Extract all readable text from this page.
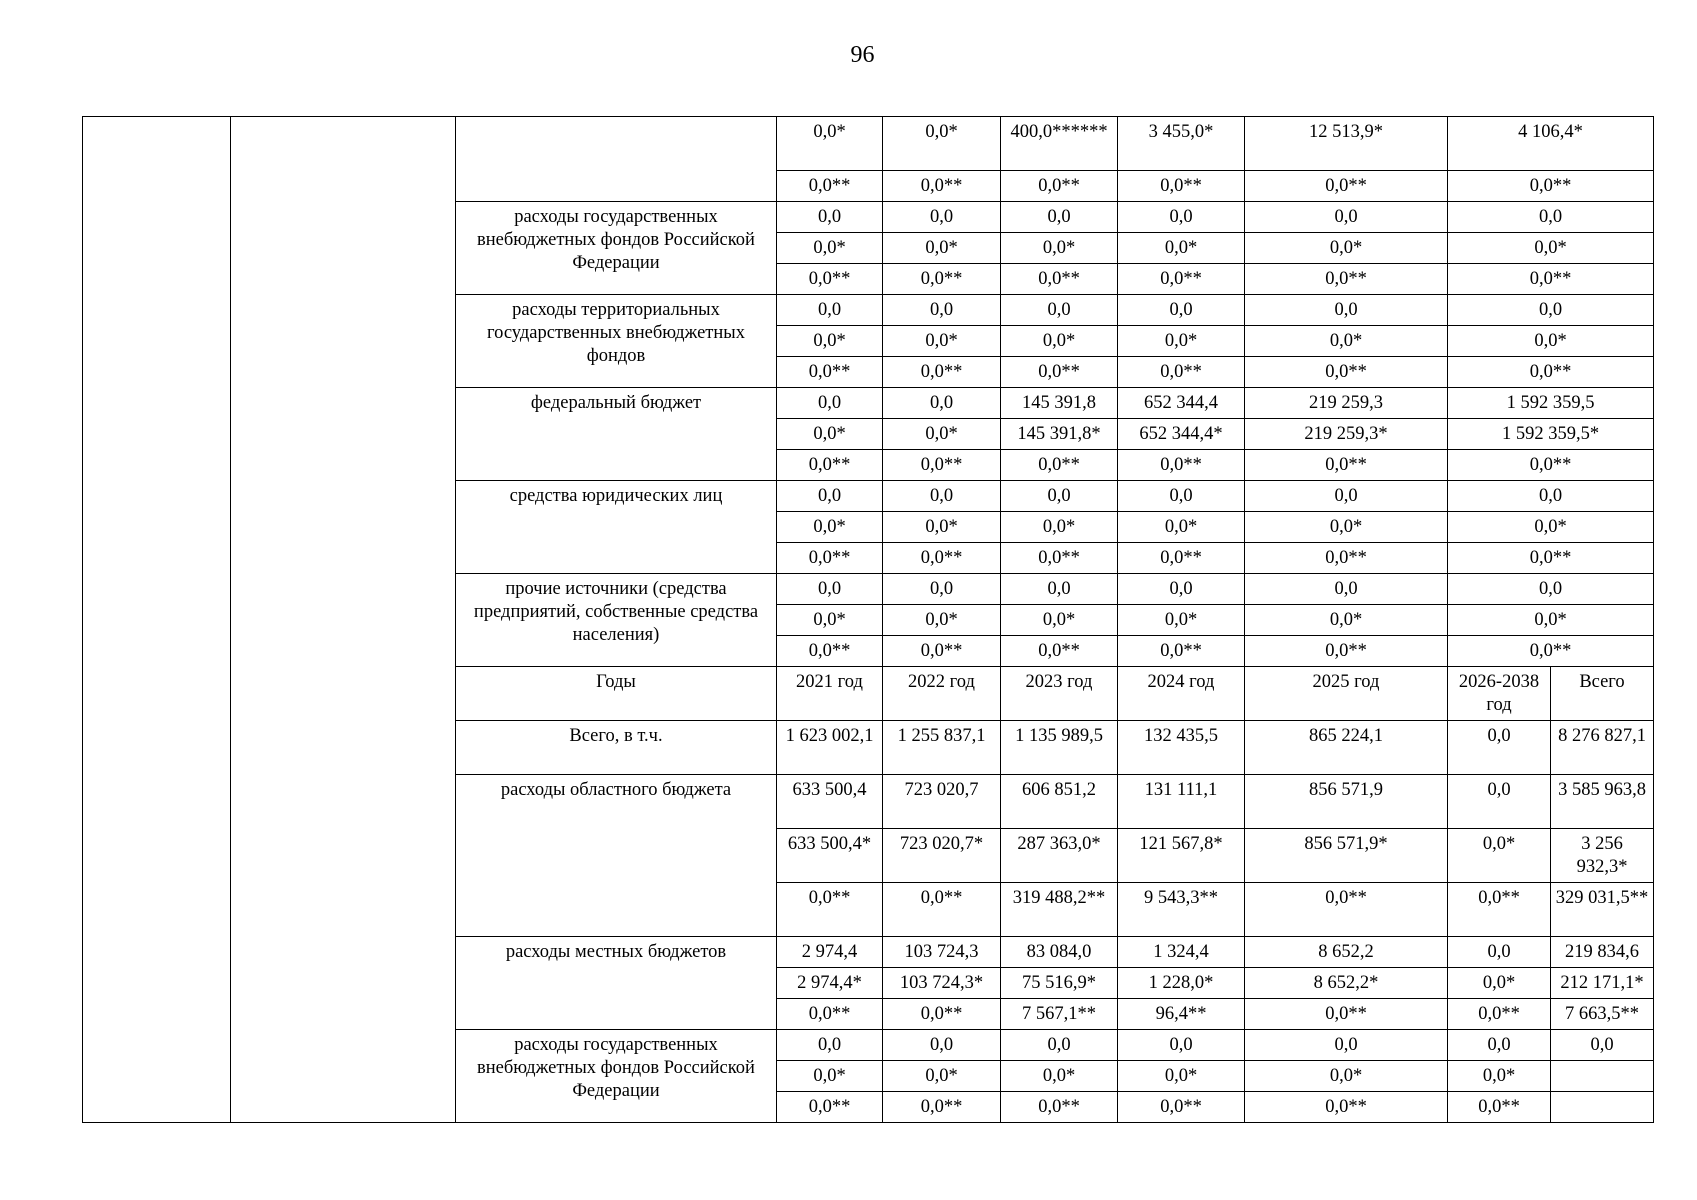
96
			0,0*	0,0*	400,0******	3 455,0*	12 513,9*	4 106,4*	
			0,0**	0,0**	0,0**	0,0**	0,0**	0,0**	
		расходы государственных внебюджетных фондов Российской Федерации	0,0	0,0	0,0	0,0	0,0	0,0	
			0,0*	0,0*	0,0*	0,0*	0,0*	0,0*	
			0,0**	0,0**	0,0**	0,0**	0,0**	0,0**	
		расходы территориальных государственных внебюджетных фондов	0,0	0,0	0,0	0,0	0,0	0,0	
			0,0*	0,0*	0,0*	0,0*	0,0*	0,0*	
			0,0**	0,0**	0,0**	0,0**	0,0**	0,0**	
		федеральный бюджет	0,0	0,0	145 391,8	652 344,4	219 259,3	1 592 359,5	
			0,0*	0,0*	145 391,8*	652 344,4*	219 259,3*	1 592 359,5*	
			0,0**	0,0**	0,0**	0,0**	0,0**	0,0**	
		средства юридических лиц	0,0	0,0	0,0	0,0	0,0	0,0	
			0,0*	0,0*	0,0*	0,0*	0,0*	0,0*	
			0,0**	0,0**	0,0**	0,0**	0,0**	0,0**	
		прочие источники (средства предприятий, собственные средства населения)	0,0	0,0	0,0	0,0	0,0	0,0	
			0,0*	0,0*	0,0*	0,0*	0,0*	0,0*	
			0,0**	0,0**	0,0**	0,0**	0,0**	0,0**	
		Годы	2021 год	2022 год	2023 год	2024 год	2025 год	2026-2038 год	Всего
		Всего, в т.ч.	1 623 002,1	1 255 837,1	1 135 989,5	132 435,5	865 224,1	0,0	8 276 827,1
		расходы областного бюджета	633 500,4	723 020,7	606 851,2	131 111,1	856 571,9	0,0	3 585 963,8
			633 500,4*	723 020,7*	287 363,0*	121 567,8*	856 571,9*	0,0*	3 256 932,3*
			0,0**	0,0**	319 488,2**	9 543,3**	0,0**	0,0**	329 031,5**
		расходы местных бюджетов	2 974,4	103 724,3	83 084,0	1 324,4	8 652,2	0,0	219 834,6
			2 974,4*	103 724,3*	75 516,9*	1 228,0*	8 652,2*	0,0*	212 171,1*
			0,0**	0,0**	7 567,1**	96,4**	0,0**	0,0**	7 663,5**
		расходы государственных внебюджетных фондов Российской Федерации	0,0	0,0	0,0	0,0	0,0	0,0	0,0
			0,0*	0,0*	0,0*	0,0*	0,0*	0,0*	
			0,0**	0,0**	0,0**	0,0**	0,0**	0,0**	
